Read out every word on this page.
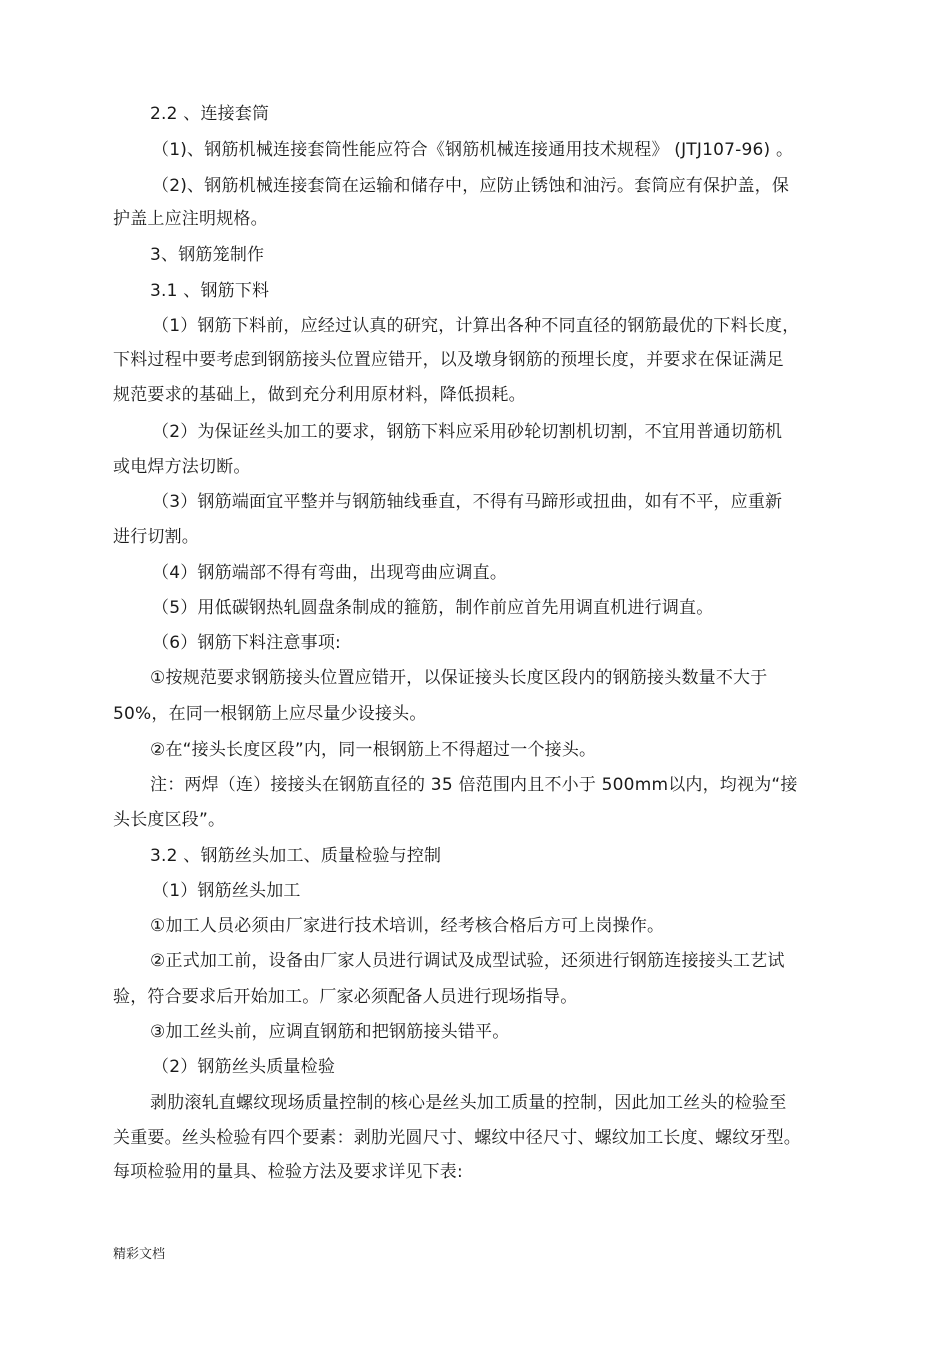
2.2 、连接套筒

（1)、钢筋机械连接套筒性能应符合《钢筋机械连接通用技术规程》 (JTJ107-96) 。

（2)、钢筋机械连接套筒在运输和储存中，应防止锈蚀和油污。套筒应有保护盖，保

护盖上应注明规格。

3、钢筋笼制作

3.1 、钢筋下料

（1）钢筋下料前，应经过认真的研究，计算出各种不同直径的钢筋最优的下料长度，

下料过程中要考虑到钢筋接头位置应错开，以及墩身钢筋的预埋长度，并要求在保证满足

规范要求的基础上，做到充分利用原材料，降低损耗。

（2）为保证丝头加工的要求，钢筋下料应采用砂轮切割机切割，不宜用普通切筋机

或电焊方法切断。

（3）钢筋端面宜平整并与钢筋轴线垂直，不得有马蹄形或扭曲，如有不平，应重新

进行切割。

（4）钢筋端部不得有弯曲，出现弯曲应调直。

（5）用低碳钢热轧圆盘条制成的箍筋，制作前应首先用调直机进行调直。

（6）钢筋下料注意事项:

①按规范要求钢筋接头位置应错开，以保证接头长度区段内的钢筋接头数量不大于

50%，在同一根钢筋上应尽量少设接头。

②在“接头长度区段”内，同一根钢筋上不得超过一个接头。

注：两焊（连）接接头在钢筋直径的 35 倍范围内且不小于 500mm以内，均视为“接

头长度区段”。

3.2 、钢筋丝头加工、质量检验与控制

（1）钢筋丝头加工

①加工人员必须由厂家进行技术培训，经考核合格后方可上岗操作。

②正式加工前，设备由厂家人员进行调试及成型试验，还须进行钢筋连接接头工艺试

验，符合要求后开始加工。厂家必须配备人员进行现场指导。

③加工丝头前，应调直钢筋和把钢筋接头错平。

（2）钢筋丝头质量检验

剥肋滚轧直螺纹现场质量控制的核心是丝头加工质量的控制，因此加工丝头的检验至

关重要。丝头检验有四个要素：剥肋光圆尺寸、螺纹中径尺寸、螺纹加工长度、螺纹牙型。

每项检验用的量具、检验方法及要求详见下表:

精彩文档
